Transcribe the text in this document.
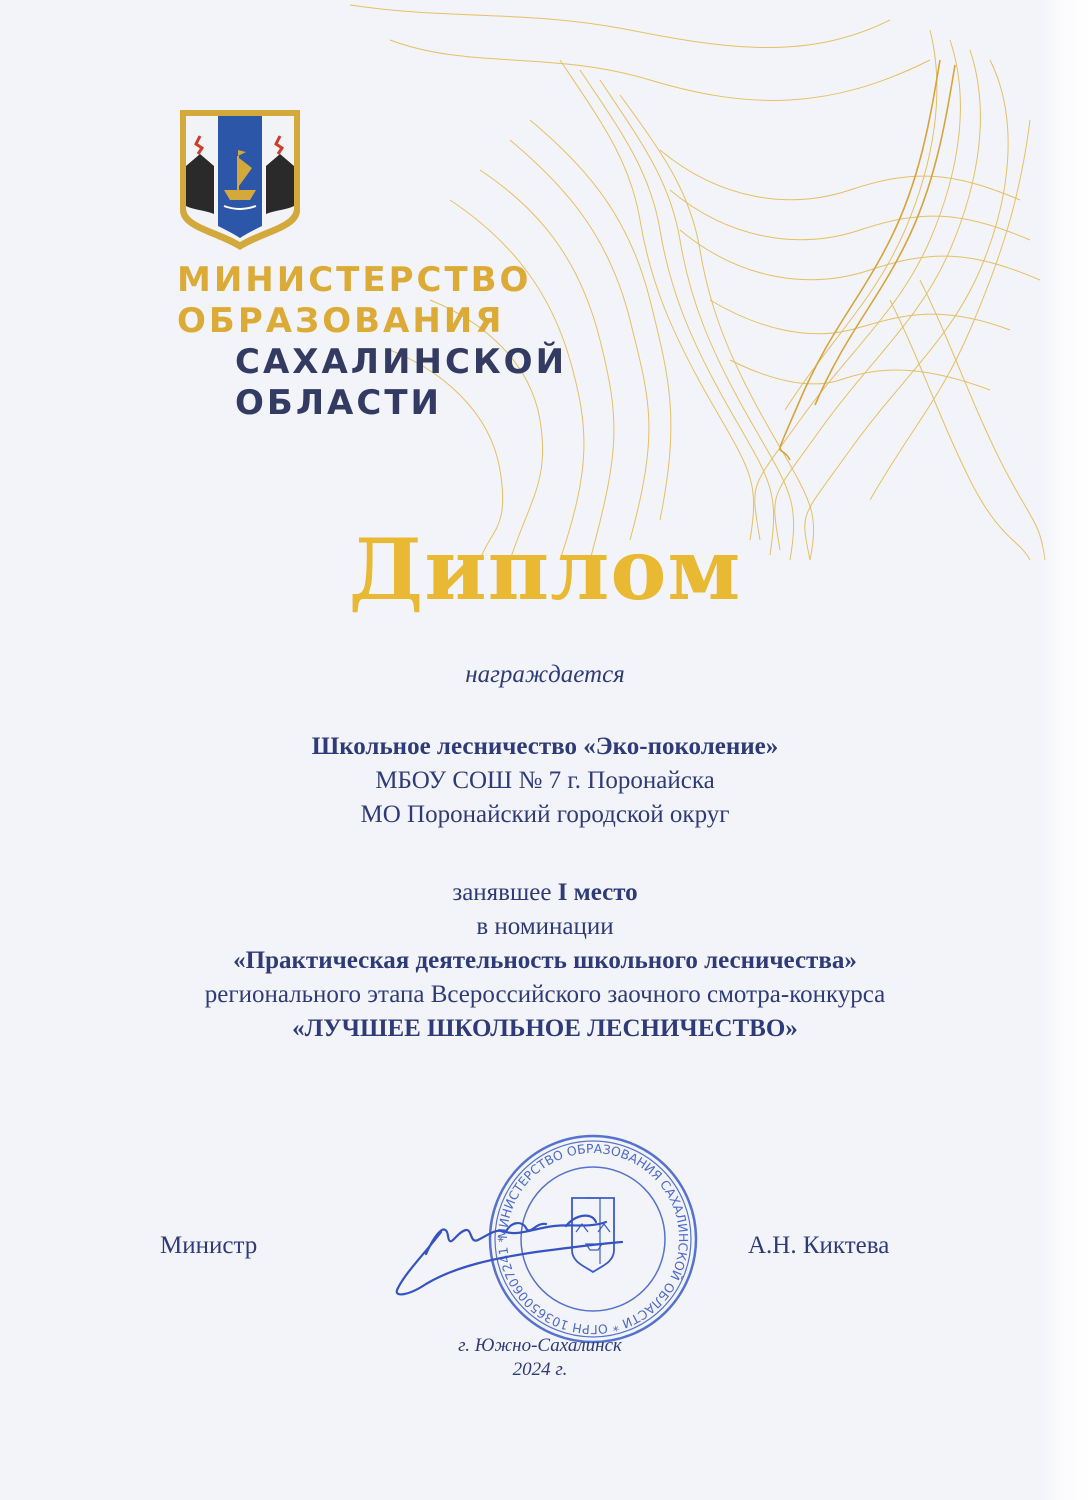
МИНИСТЕРСТВО
ОБРАЗОВАНИЯ
САХАЛИНСКОЙ
ОБЛАСТИ
Диплом
награждается
Школьное лесничество «Эко-поколение»
МБОУ СОШ № 7 г. Поронайска
МО Поронайский городской округ
занявшее I место
в номинации
«Практическая деятельность школьного лесничества»
регионального этапа Всероссийского заочного смотра-конкурса
«ЛУЧШЕЕ ШКОЛЬНОЕ ЛЕСНИЧЕСТВО»
Министр	А.Н. Киктева
МИНИСТЕРСТВО ОБРАЗОВАНИЯ САХАЛИНСКОЙ ОБЛАСТИ * ОГРН 1036500607241 *
г. Южно-Сахалинск
2024 г.
